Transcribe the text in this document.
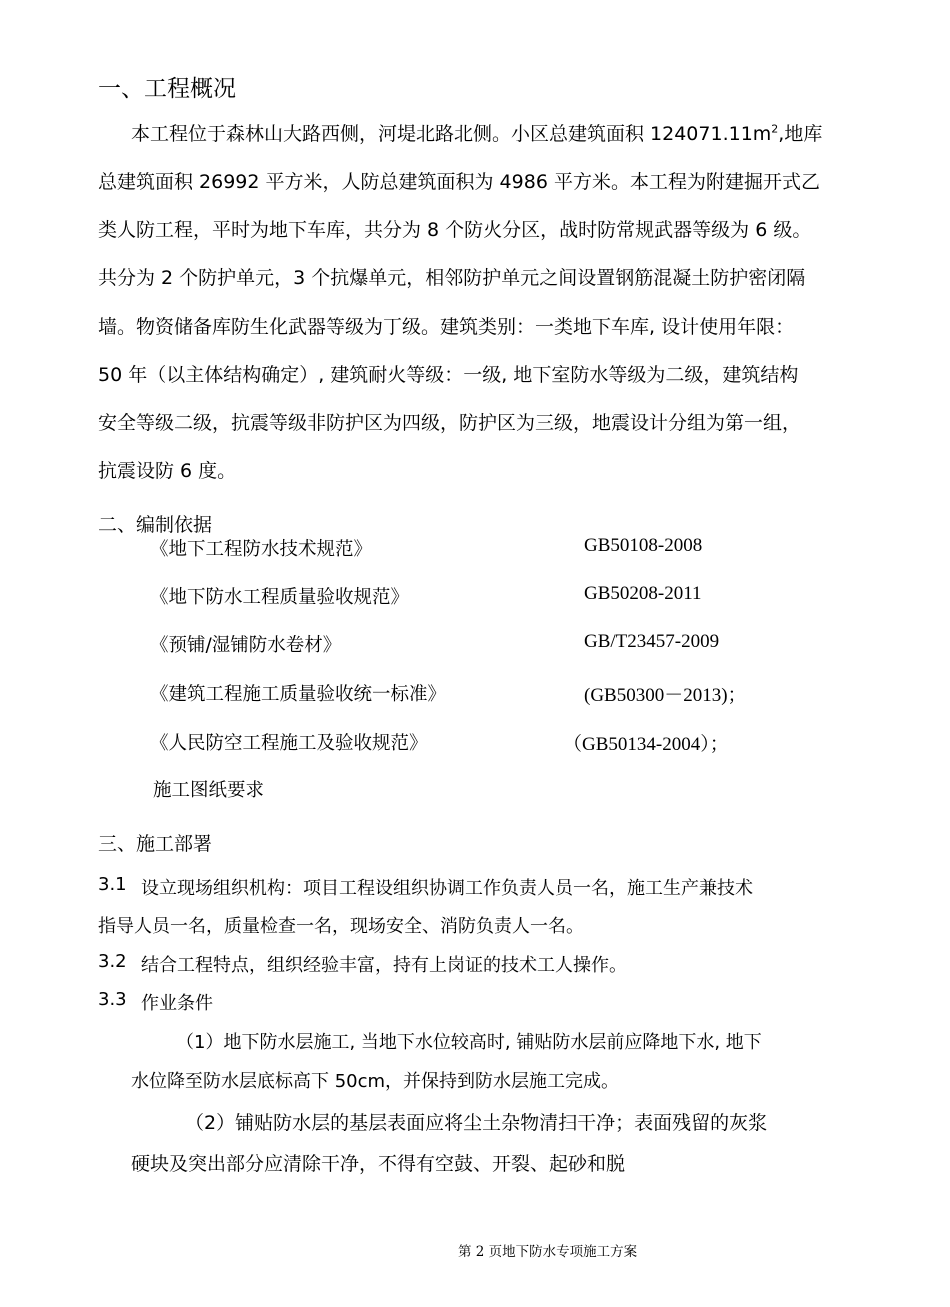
一、工程概况
本工程位于森林山大路西侧，河堤北路北侧。小区总建筑面积 $124071.11m^2$,地库
总建筑面积 26992 平方米，人防总建筑面积为 4986 平方米。本工程为附建掘开式乙
类人防工程，平时为地下车库，共分为 8 个防火分区，战时防常规武器等级为 6 级。
共分为 2 个防护单元，3 个抗爆单元，相邻防护单元之间设置钢筋混凝土防护密闭隔
墙。物资储备库防生化武器等级为丁级。建筑类别：一类地下车库, 设计使用年限：
50 年（以主体结构确定）, 建筑耐火等级：一级, 地下室防水等级为二级，建筑结构
安全等级二级，抗震等级非防护区为四级，防护区为三级，地震设计分组为第一组，
抗震设防 6 度。
二、编制依据
《地下工程防水技术规范》	GB50108-2008
《地下防水工程质量验收规范》	GB50208-2011
《预铺/湿铺防水卷材》	GB/T23457-2009
《建筑工程施工质量验收统一标准》	(GB50300－2013)；
《人民防空工程施工及验收规范》	（GB50134-2004）；
施工图纸要求
三、施工部署
3.1 设立现场组织机构：项目工程设组织协调工作负责人员一名，施工生产兼技术
指导人员一名，质量检查一名，现场安全、消防负责人一名。
3.2 结合工程特点，组织经验丰富，持有上岗证的技术工人操作。
3.3 作业条件
（1）地下防水层施工, 当地下水位较高时, 铺贴防水层前应降地下水, 地下
水位降至防水层底标高下 50cm，并保持到防水层施工完成。
（2）铺贴防水层的基层表面应将尘土杂物清扫干净；表面残留的灰浆
硬块及突出部分应清除干净，不得有空鼓、开裂、起砂和脱
第 2 页地下防水专项施工方案
